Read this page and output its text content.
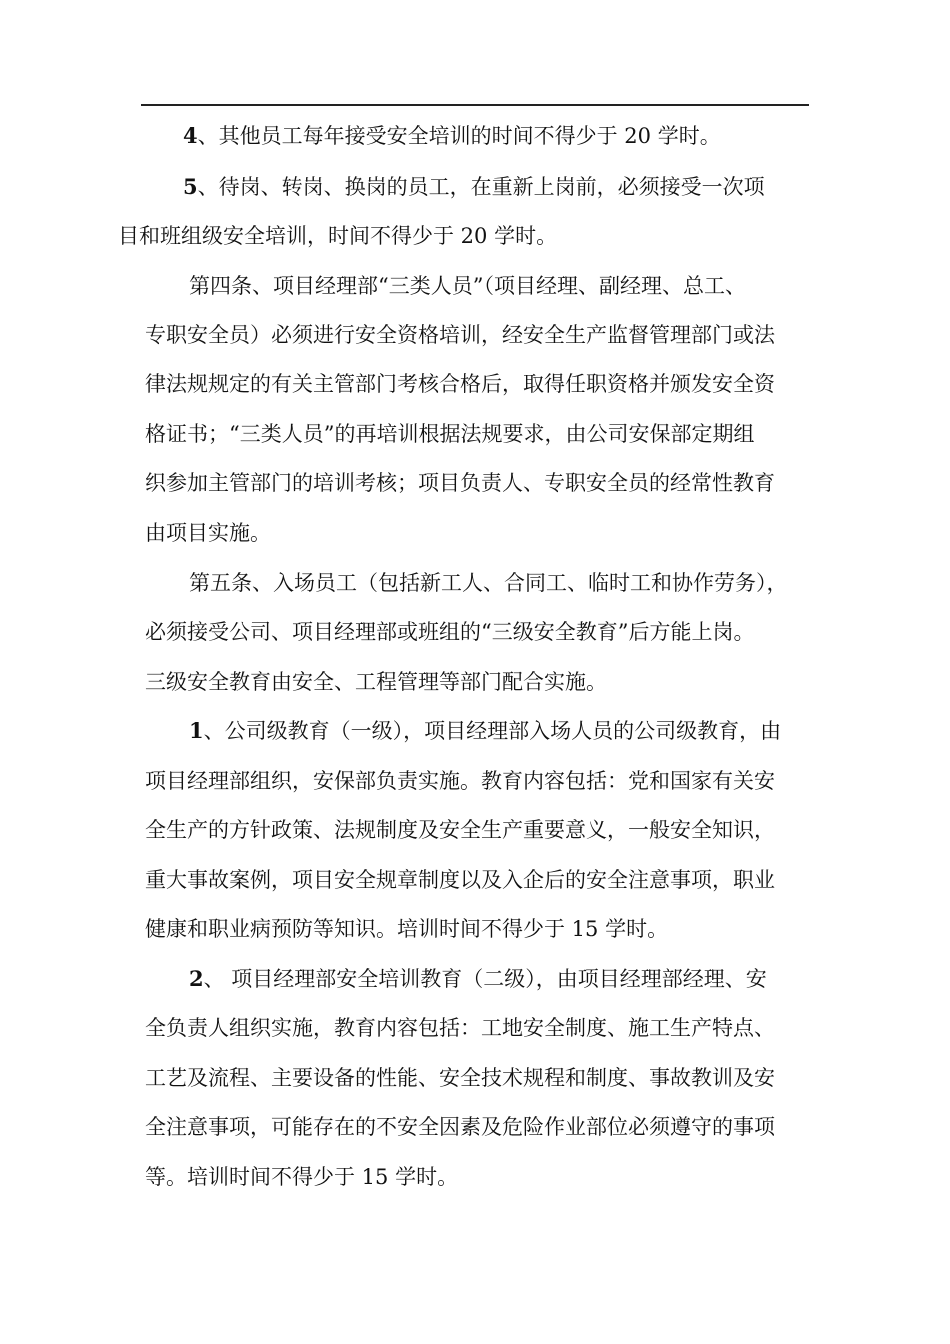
4、其他员工每年接受安全培训的时间不得少于 20 学时。
5、待岗、转岗、换岗的员工，在重新上岗前，必须接受一次项
目和班组级安全培训，时间不得少于 20 学时。
第四条、项目经理部“三类人员”（项目经理、副经理、总工、
专职安全员）必须进行安全资格培训，经安全生产监督管理部门或法
律法规规定的有关主管部门考核合格后，取得任职资格并颁发安全资
格证书；“三类人员”的再培训根据法规要求，由公司安保部定期组
织参加主管部门的培训考核；项目负责人、专职安全员的经常性教育
由项目实施。
第五条、入场员工（包括新工人、合同工、临时工和协作劳务），
必须接受公司、项目经理部或班组的“三级安全教育”后方能上岗。
三级安全教育由安全、工程管理等部门配合实施。
1、公司级教育（一级），项目经理部入场人员的公司级教育，由
项目经理部组织，安保部负责实施。教育内容包括：党和国家有关安
全生产的方针政策、法规制度及安全生产重要意义，一般安全知识，
重大事故案例，项目安全规章制度以及入企后的安全注意事项，职业
健康和职业病预防等知识。培训时间不得少于 15 学时。
2、 项目经理部安全培训教育（二级），由项目经理部经理、安
全负责人组织实施，教育内容包括：工地安全制度、施工生产特点、
工艺及流程、主要设备的性能、安全技术规程和制度、事故教训及安
全注意事项，可能存在的不安全因素及危险作业部位必须遵守的事项
等。培训时间不得少于 15 学时。
